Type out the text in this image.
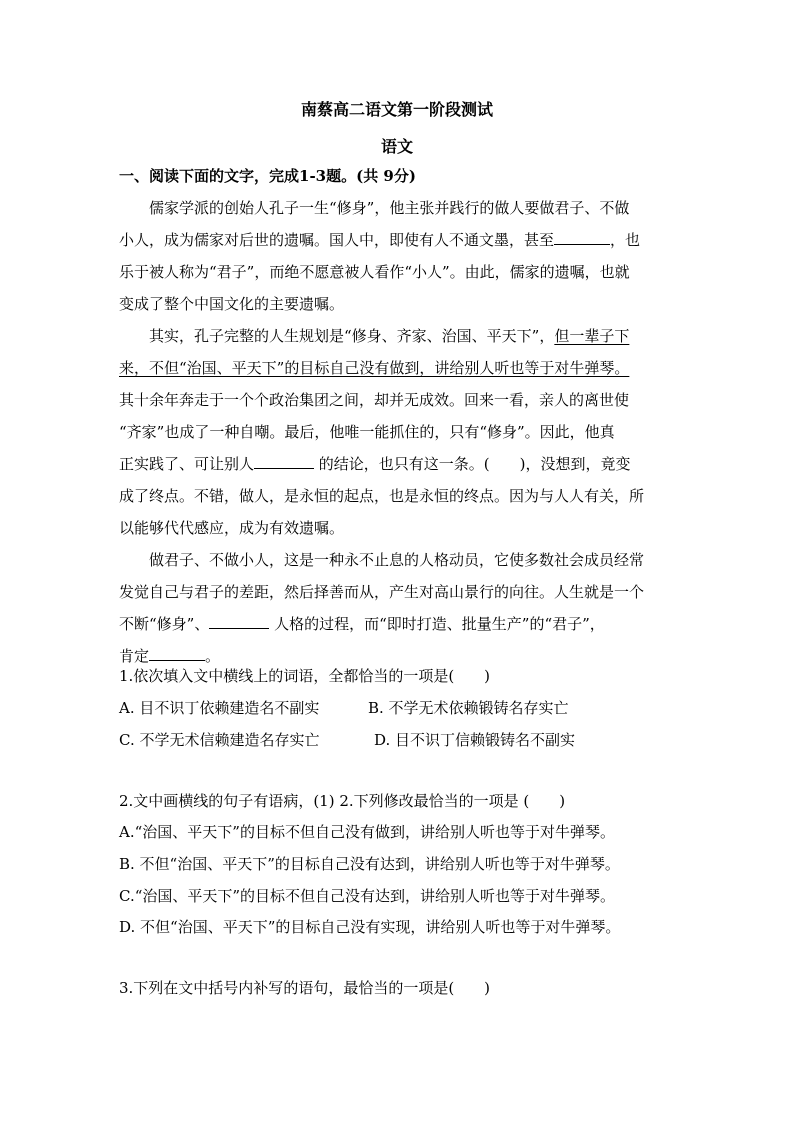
南蔡高二语文第一阶段测试
语文
一、阅读下面的文字，完成1-3题。(共 9分)
儒家学派的创始人孔子一生“修身”，他主张并践行的做人要做君子、不做
小人，成为儒家对后世的遗嘱。国人中，即使有人不通文墨，甚至	，也
乐于被人称为“君子”，而绝不愿意被人看作“小人”。由此，儒家的遗嘱，也就
变成了整个中国文化的主要遗嘱。
其实，孔子完整的人生规划是“修身、齐家、治国、平天下”，但一辈子下
来，不但“治国、平天下”的目标自己没有做到，讲给别人听也等于对牛弹琴。
其十余年奔走于一个个政治集团之间，却并无成效。回来一看，亲人的离世使
“齐家”也成了一种自嘲。最后，他唯一能抓住的，只有“修身”。因此，他真
正实践了、可让别人	的结论，也只有这一条。(　　)，没想到，竟变
成了终点。不错，做人，是永恒的起点，也是永恒的终点。因为与人人有关，所
以能够代代感应，成为有效遗嘱。
做君子、不做小人，这是一种永不止息的人格动员，它使多数社会成员经常
发觉自己与君子的差距，然后择善而从，产生对高山景行的向往。人生就是一个
不断“修身”、	人格的过程，而“即时打造、批量生产”的“君子”，
肯定	。
1.依次填入文中横线上的词语，全都恰当的一项是(　　)
A. 目不识丁依赖建造名不副实	B. 不学无术依赖锻铸名存实亡
C. 不学无术信赖建造名存实亡	D. 目不识丁信赖锻铸名不副实
2.文中画横线的句子有语病，(1) 2.下列修改最恰当的一项是 (　　)
A.“治国、平天下”的目标不但自己没有做到，讲给别人听也等于对牛弹琴。
B. 不但“治国、平天下”的目标自己没有达到，讲给别人听也等于对牛弹琴。
C.“治国、平天下”的目标不但自己没有达到，讲给别人听也等于对牛弹琴。
D. 不但“治国、平天下”的目标自己没有实现，讲给别人听也等于对牛弹琴。
3.下列在文中括号内补写的语句，最恰当的一项是(　　)
